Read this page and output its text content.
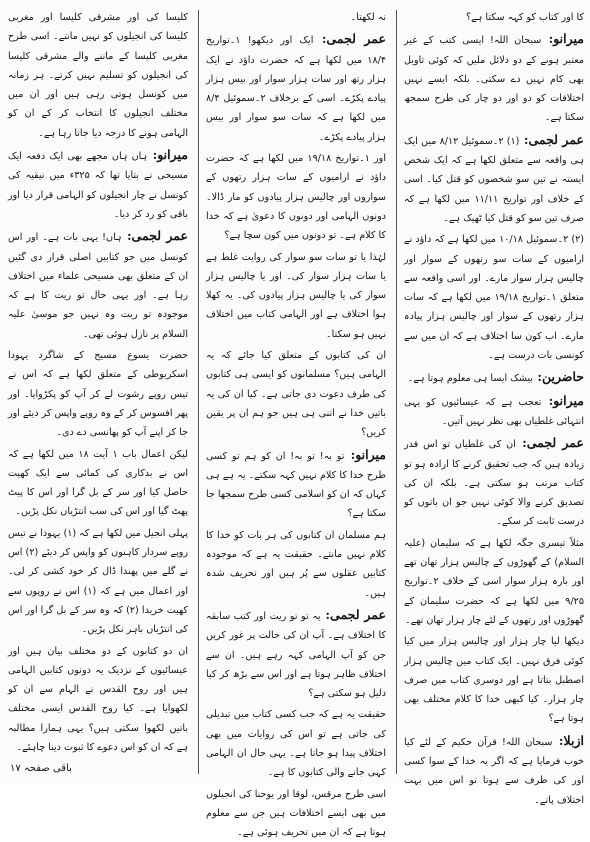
کا اور کتاب کو کہہ سکتا ہے؟

میرانو: سبحان اللہ! ایسی کتب کے غیر معتبر ہونے کے دو دلائل ملیں کہ کوئی تاویل بھی کام نہیں دے سکتی۔ بلکہ ایسے نہیں اختلافات کو دو اور دو چار کی طرح سمجھ سکتا ہے۔

عمر لجمی: (۱) ۲۔سموئیل ۸/۱۲ میں ایک ہی واقعہ سے متعلق لکھا ہے کہ ایک شخص ایستہ نے تین سو شخصوں کو قتل کیا۔ اسی کے خلاف اور تواریخ ۱۱/۱۱ میں لکھا ہے کہ صرف تین سو کو قتل کیا ٹھیک ہے۔

(۲) ۲۔سموئیل ۱۰/۱۸ میں لکھا ہے کہ داؤد نے ارامیوں کے سات سو رتھوں کے سوار اور چالیس ہزار سوار مارے۔ اور اسی واقعہ سے متعلق ۱۔تواریخ ۱۹/۱۸ میں لکھا ہے کہ سات ہزار رتھوں کے سوار اور چالیس ہزار پیادہ مارے۔ اب کون سا اختلاف ہے کہ ان میں سے کونسی بات درست ہے۔

حاضرین: بیشک ایسا ہی معلوم ہوتا ہے۔

میرانو: تعجب ہے کہ عیسائیوں کو یہی انتہائی غلطیاں بھی نظر نہیں آتیں۔

عمر لجمی: ان کی غلطیاں تو اس قدر زیادہ ہیں کہ جب تحقیق کرنے کا ارادہ ہو تو کتاب مرتب ہو سکتی ہے۔ بلکہ ان کی تصدیق کرنے والا کوئی نہیں جو ان باتوں کو درست ثابت کر سکے۔

مثلاً تیسری جگہ لکھا ہے کہ سلیمان (علیہ السلام) کے گھوڑوں کے چالیس ہزار تھان تھے اور بارہ ہزار سوار اسی کے خلاف ۲۔تواریخ ۹/۲۵ میں لکھا ہے کہ حضرت سلیمان کے گھوڑوں اور رتھوں کے لئے چار ہزار تھان تھے۔

دیکھا لیا چار ہزار اور چالیس ہزار میں کیا کوئی فرق نہیں۔ ایک کتاب میں چالیس ہزار اصطبل بتاتا ہے اور دوسری کتاب میں صرف چار ہزار۔ کیا کبھی خدا کا کلام مختلف بھی ہوتا ہے؟

ازبلا: سبحان اللہ! قرآن حکیم کے لئے کیا خوب فرمایا ہے کہ اگر یہ خدا کے سوا کسی اور کی طرف سے ہوتا تو اس میں بہت اختلاف پاتے۔

نہ لکھتا۔

عمر لجمی: ایک اور دیکھو! ۱۔تواریخ ۱۸/۴ میں لکھا ہے کہ حضرت داؤد نے ایک ہزار رتھ اور سات ہزار سوار اور بیس ہزار پیادے پکڑے۔ اسی کے برخلاف ۲۔سموئیل ۸/۴ میں لکھا ہے کہ سات سو سوار اور بیس ہزار پیادے پکڑے۔

اور ۱۔تواریخ ۱۹/۱۸ میں لکھا ہے کہ حضرت داؤد نے ارامیوں کے سات ہزار رتھوں کے سواروں اور چالیس ہزار پیادوں کو مار ڈالا۔ دونوں الہامی اور دونوں کا دعویٰ ہے کہ خدا کا کلام ہے۔ تو دونوں میں کون سچا ہے؟

لہٰذا یا تو سات سو سوار کی روایت غلط ہے یا سات ہزار سوار کی۔ اور یا چالیس ہزار سوار کی یا چالیس ہزار پیادوں کی۔ یہ کھلا ہوا اختلاف ہے اور الہامی کتاب میں اختلاف نہیں ہو سکتا۔

ان کی کتابوں کے متعلق کیا جائے کہ یہ الہامی ہیں؟ مسلمانوں کو ایسی ہی کتابوں کی طرف دعوت دی جاتی ہے۔ کیا ان کی یہ باتیں خدا نے اتنی ہی ہیں جو ہم ان پر یقین کریں؟

میرانو: تو بہ! تو بہ! ان کو ہم تو کسی طرح خدا کا کلام نہیں کہہ سکتے۔ یہ ہے ہی کہاں کہ ان کو اسلامی کسی طرح سمجھا جا سکتا ہے؟

ہم مسلمان ان کتابوں کی ہر بات کو خدا کا کلام نہیں مانتے۔ حقیقت یہ ہے کہ موجودہ کتابیں عقلوں سے پُر ہیں اور تحریف شدہ ہیں۔

عمر لجمی: یہ تو تو ریت اور کتب سابقہ کا اختلاف ہے۔ آپ ان کی حالت پر غور کریں جن کو آپ الہامی کہہ رہے ہیں۔ ان سے اختلاف ظاہر ہوتا ہے اور اس سے بڑھ کر کیا دلیل ہو سکتی ہے؟

حقیقت یہ ہے کہ جب کسی کتاب میں تبدیلی کی جاتی ہے تو اس کی روایات میں بھی اختلاف پیدا ہو جاتا ہے۔ یہی حال ان الہامی کہی جانے والی کتابوں کا ہے۔

اسی طرح مرقس، لوقا اور یوحنا کی انجیلوں میں بھی ایسے اختلافات ہیں جن سے معلوم ہوتا ہے کہ ان میں تحریف ہوئی ہے۔

کلیسا کی اور مشرقی کلیسا اور مغربی کلیسا کی انجیلوں کو نہیں مانتے۔ اسی طرح مغربی کلیسا کے ماننے والے مشرقی کلیسا کی انجیلوں کو تسلیم نہیں کرتے۔ ہر زمانہ میں کونسل ہوتی رہی ہیں اور ان میں مختلف انجیلوں کا انتخاب کر کے ان کو الہامی ہونے کا درجہ دیا جاتا رہا ہے۔

میرانو: ہاں ہاں مجھے بھی ایک دفعہ ایک مسیحی نے بتایا تھا کہ ۳۲۵ء میں نیقیہ کی کونسل نے چار انجیلوں کو الہامی قرار دیا اور باقی کو رد کر دیا۔

عمر لجمی: ہاں! یہی بات ہے۔ اور اس کونسل میں جو کتابیں اصلی قرار دی گئیں ان کے متعلق بھی مسیحی علماء میں اختلاف رہا ہے۔ اور یہی حال تو ریت کا ہے کہ موجودہ تو ریت وہ نہیں جو موسیٰ علیہ السلام پر نازل ہوئی تھی۔

حضرت یسوع مسیح کے شاگرد یہودا اسکریوطی کے متعلق لکھا ہے کہ اس نے تیس روپے رشوت لے کر آپ کو پکڑوایا۔ اور پھر افسوس کر کے وہ روپے واپس کر دیئے اور جا کر اپنے آپ کو پھانسی دے دی۔

لیکن اعمال باب ۱ آیت ۱۸ میں لکھا ہے کہ اس نے بدکاری کی کمائی سے ایک کھیت حاصل کیا اور سر کے بل گرا اور اس کا پیٹ پھٹ گیا اور اس کی سب انتڑیاں نکل پڑیں۔

پہلی انجیل میں لکھا ہے کہ (۱) یہودا نے تیس روپے سردار کاہنوں کو واپس کر دیئے (۲) اس نے گلے میں پھندا ڈال کر خود کشی کر لی۔ اور اعمال میں ہے کہ (۱) اس نے روپوں سے کھیت خریدا (۲) کہ وہ سر کے بل گرا اور اس کی انتڑیاں باہر نکل پڑیں۔

ان دو کتابوں کے دو مختلف بیان ہیں اور عیسائیوں کے نزدیک یہ دونوں کتابیں الہامی ہیں اور روح القدس نے الہام سے ان کو لکھوایا ہے۔ کیا روح القدس ایسی مختلف باتیں لکھوا سکتی ہیں؟ یہی ہمارا مطالبہ ہے کہ ان کو اس دعوے کا ثبوت دینا چاہئے۔

باقی صفحہ ۱۷
